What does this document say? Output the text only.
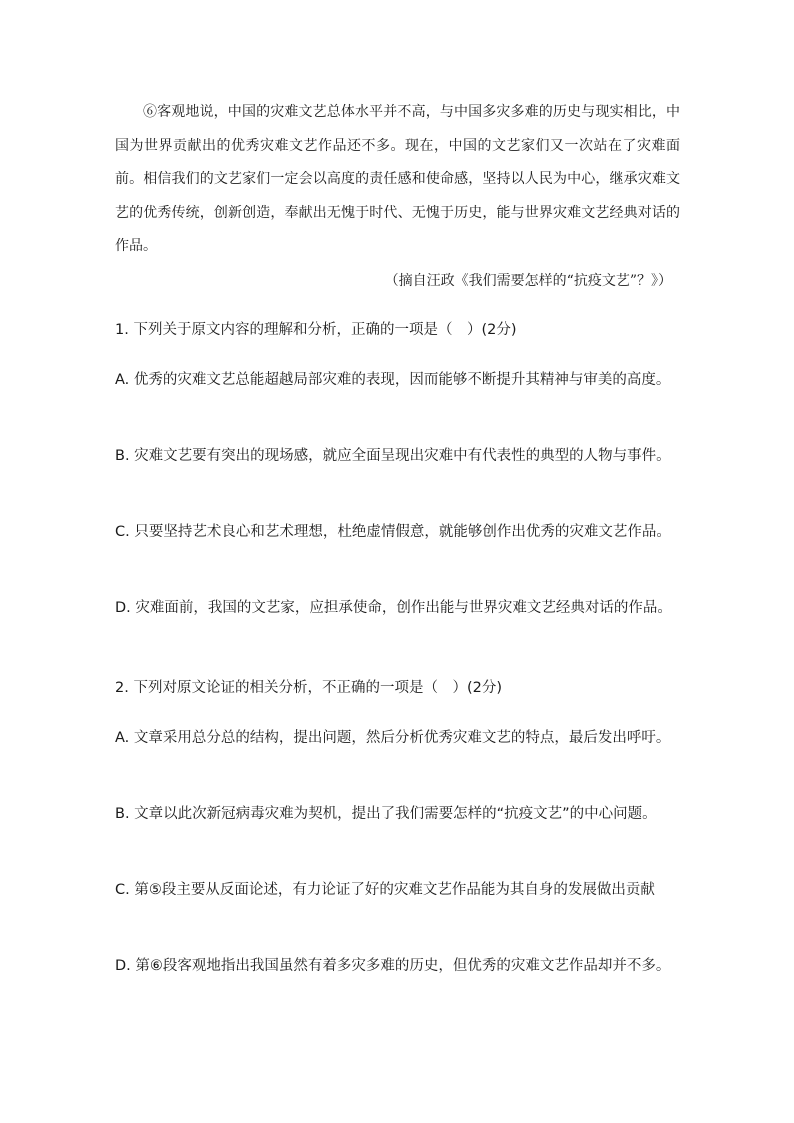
⑥客观地说，中国的灾难文艺总体水平并不高，与中国多灾多难的历史与现实相比，中国为世界贡献出的优秀灾难文艺作品还不多。现在，中国的文艺家们又一次站在了灾难面前。相信我们的文艺家们一定会以高度的责任感和使命感，坚持以人民为中心，继承灾难文艺的优秀传统，创新创造，奉献出无愧于时代、无愧于历史，能与世界灾难文艺经典对话的作品。

（摘自汪政《我们需要怎样的“抗疫文艺”？》）

1. 下列关于原文内容的理解和分析，正确的一项是（　）(2分)

A. 优秀的灾难文艺总能超越局部灾难的表现，因而能够不断提升其精神与审美的高度。

B. 灾难文艺要有突出的现场感，就应全面呈现出灾难中有代表性的典型的人物与事件。

C. 只要坚持艺术良心和艺术理想，杜绝虚情假意，就能够创作出优秀的灾难文艺作品。

D. 灾难面前，我国的文艺家，应担承使命，创作出能与世界灾难文艺经典对话的作品。

2. 下列对原文论证的相关分析，不正确的一项是（　）(2分)

A. 文章采用总分总的结构，提出问题，然后分析优秀灾难文艺的特点，最后发出呼吁。

B. 文章以此次新冠病毒灾难为契机，提出了我们需要怎样的“抗疫文艺”的中心问题。

C. 第⑤段主要从反面论述，有力论证了好的灾难文艺作品能为其自身的发展做出贡献

D. 第⑥段客观地指出我国虽然有着多灾多难的历史，但优秀的灾难文艺作品却并不多。
